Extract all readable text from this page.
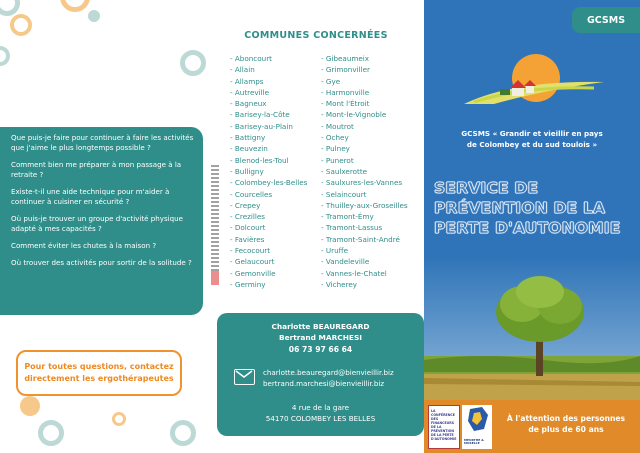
Que puis-je faire pour continuer à faire les activités que j'aime le plus longtemps possible ?

Comment bien me préparer à mon passage à la retraite ?

Existe-t-il une aide technique pour m'aider à continuer à cuisiner en sécurité ?

Où puis-je trouver un groupe d'activité physique adapté à mes capacités ?

Comment éviter les chutes à la maison ?

Où trouver des activités pour sortir de la solitude ?

Pour toutes questions, contactez
directement les ergothérapeutes
COMMUNES CONCERNÉES
- Aboncourt
- Allain
- Allamps
- Autreville
- Bagneux
- Barisey-la-Côte
- Barisey-au-Plain
- Battigny
- Beuvezin
- Blenod-les-Toul
- Bulligny
- Colombey-les-Belles
- Courcelles
- Crepey
- Crezilles
- Dolcourt
- Favières
- Fecocourt
- Gelaucourt
- Gemonville
- Germiny
- Gibeaumeix
- Grimonviller
- Gye
- Harmonville
- Mont l'Étroit
- Mont-le-Vignoble
- Moutrot
- Ochey
- Pulney
- Punerot
- Saulxerotte
- Saulxures-les-Vannes
- Selaincourt
- Thuilley-aux-Groseilles
- Tramont-Émy
- Tramont-Lassus
- Tramont-Saint-André
- Uruffe
- Vandeleville
- Vannes-le-Chatel
- Vicherey
Charlotte BEAUREGARD
Bertrand MARCHESI
06 73 97 66 64
charlotte.beauregard@bienvieillir.biz
bertrand.marchesi@bienvieillir.biz
4 rue de la gare
54170 COLOMBEY LES BELLES
GCSMS
GCSMS « Grandir et vieillir en pays
de Colombey et du sud toulois »
SERVICE DE
PRÉVENTION DE LA
PERTE D'AUTONOMIE
LA CONFÉRENCE DES FINANCEURS DE LA PRÉVENTION DE LA PERTE D'AUTONOMIE	MEURTHE & MOSELLE
À l'attention des personnes
de plus de 60 ans
